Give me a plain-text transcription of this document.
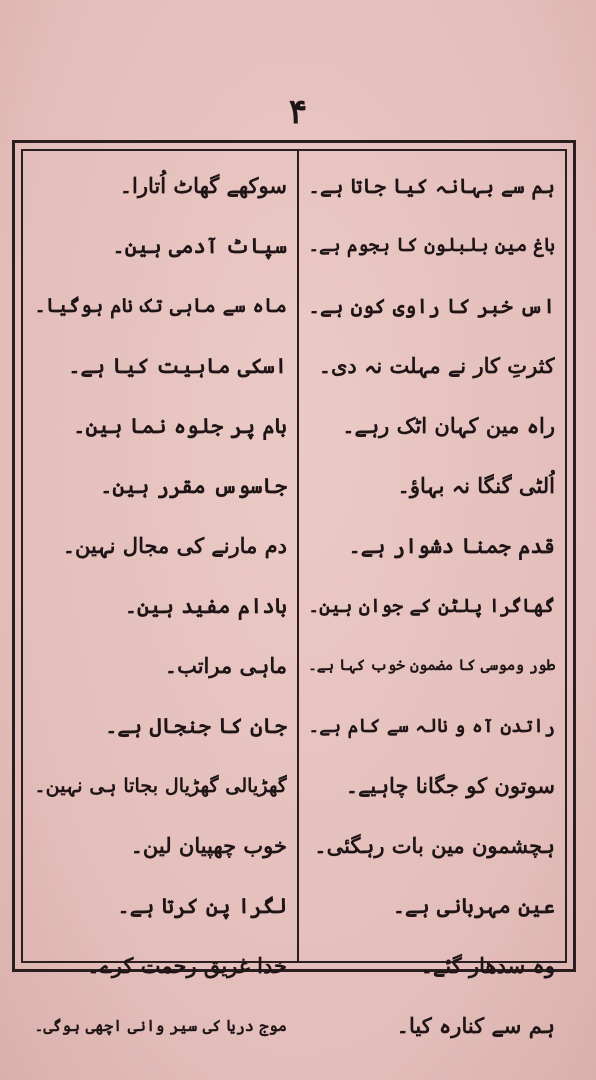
۴
ہم سے بہانہ کیا جاتا ہے۔
باغ مین بلبلون کا ہجوم ہے۔
اس خبر کا راوی کون ہے۔
کثرتِ کار نے مہلت نہ دی۔
راہ مین کہان اٹک رہے۔
اُلٹی گنگا نہ بہاؤ۔
قدم جمنا دشوار ہے۔
گھاگرا پلٹن کے جوان ہین۔
طور وموسی کا مضمون خوب کہا ہے۔
راتدن آہ و نالہ سے کام ہے۔
سوتون کو جگانا چاہیے۔
ہچشمون مین بات رہگئی۔
عین مہربانی ہے۔
وہ سدھار گئے۔
ہم سے کنارہ کیا۔
سوکھے گھاٹ اُتارا۔
سپاٹ آدمی ہین۔
ماہ سے ماہی تک نام ہوگیا۔
اسکی ماہیت کیا ہے۔
بام پر جلوہ نما ہین۔
جاسوس مقرر ہین۔
دم مارنے کی مجال نہین۔
بادام مفید ہین۔
ماہی مراتب۔
جان کا جنجال ہے۔
گھڑیالی گھڑیال بجاتا ہی نہین۔
خوب چھپیان لین۔
لگرا پن کرتا ہے۔
خدا غریق رحمت کرے۔
موج دریا کی سیر وانی اچھی ہوگی۔
